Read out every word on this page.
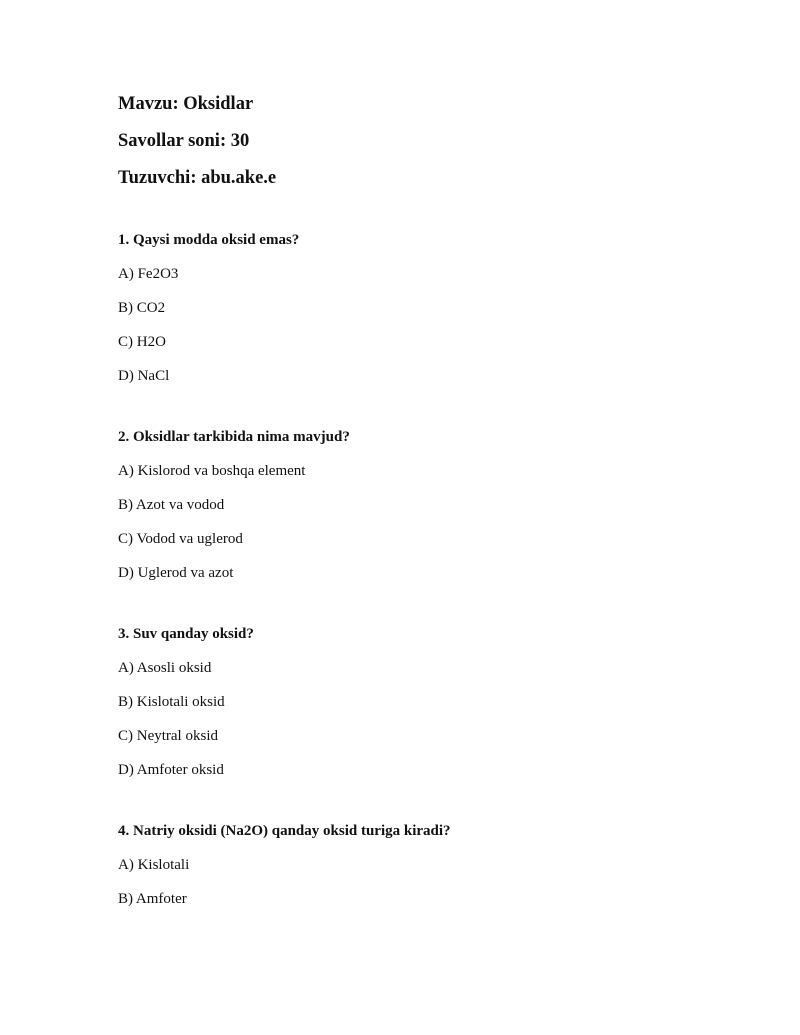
Mavzu: Oksidlar
Savollar soni: 30
Tuzuvchi: abu.ake.e
1. Qaysi modda oksid emas?
A) Fe2O3
B) CO2
C) H2O
D) NaCl
2. Oksidlar tarkibida nima mavjud?
A) Kislorod va boshqa element
B) Azot va vodod
C) Vodod va uglerod
D) Uglerod va azot
3. Suv qanday oksid?
A) Asosli oksid
B) Kislotali oksid
C) Neytral oksid
D) Amfoter oksid
4. Natriy oksidi (Na2O) qanday oksid turiga kiradi?
A) Kislotali
B) Amfoter
